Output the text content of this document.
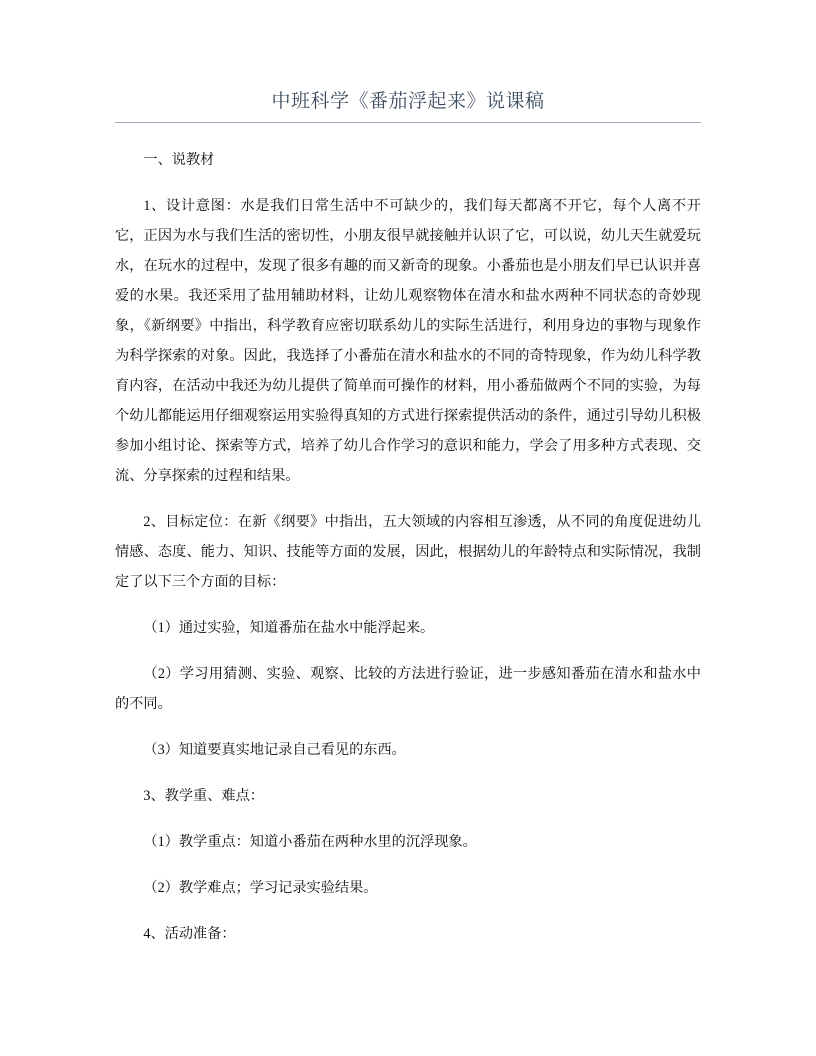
中班科学《番茄浮起来》说课稿

一、说教材

1、设计意图：水是我们日常生活中不可缺少的，我们每天都离不开它，每个人离不开它，正因为水与我们生活的密切性，小朋友很早就接触并认识了它，可以说，幼儿天生就爱玩水，在玩水的过程中，发现了很多有趣的而又新奇的现象。小番茄也是小朋友们早已认识并喜爱的水果。我还采用了盐用辅助材料，让幼儿观察物体在清水和盐水两种不同状态的奇妙现象，《新纲要》中指出，科学教育应密切联系幼儿的实际生活进行，利用身边的事物与现象作为科学探索的对象。因此，我选择了小番茄在清水和盐水的不同的奇特现象，作为幼儿科学教育内容，在活动中我还为幼儿提供了简单而可操作的材料，用小番茄做两个不同的实验，为每个幼儿都能运用仔细观察运用实验得真知的方式进行探索提供活动的条件，通过引导幼儿积极参加小组讨论、探索等方式，培养了幼儿合作学习的意识和能力，学会了用多种方式表现、交流、分享探索的过程和结果。

2、目标定位：在新《纲要》中指出，五大领域的内容相互渗透，从不同的角度促进幼儿情感、态度、能力、知识、技能等方面的发展，因此，根据幼儿的年龄特点和实际情况，我制定了以下三个方面的目标：

（1）通过实验，知道番茄在盐水中能浮起来。

（2）学习用猜测、实验、观察、比较的方法进行验证，进一步感知番茄在清水和盐水中的不同。

（3）知道要真实地记录自己看见的东西。

3、教学重、难点：

（1）教学重点：知道小番茄在两种水里的沉浮现象。

（2）教学难点；学习记录实验结果。

4、活动准备：
